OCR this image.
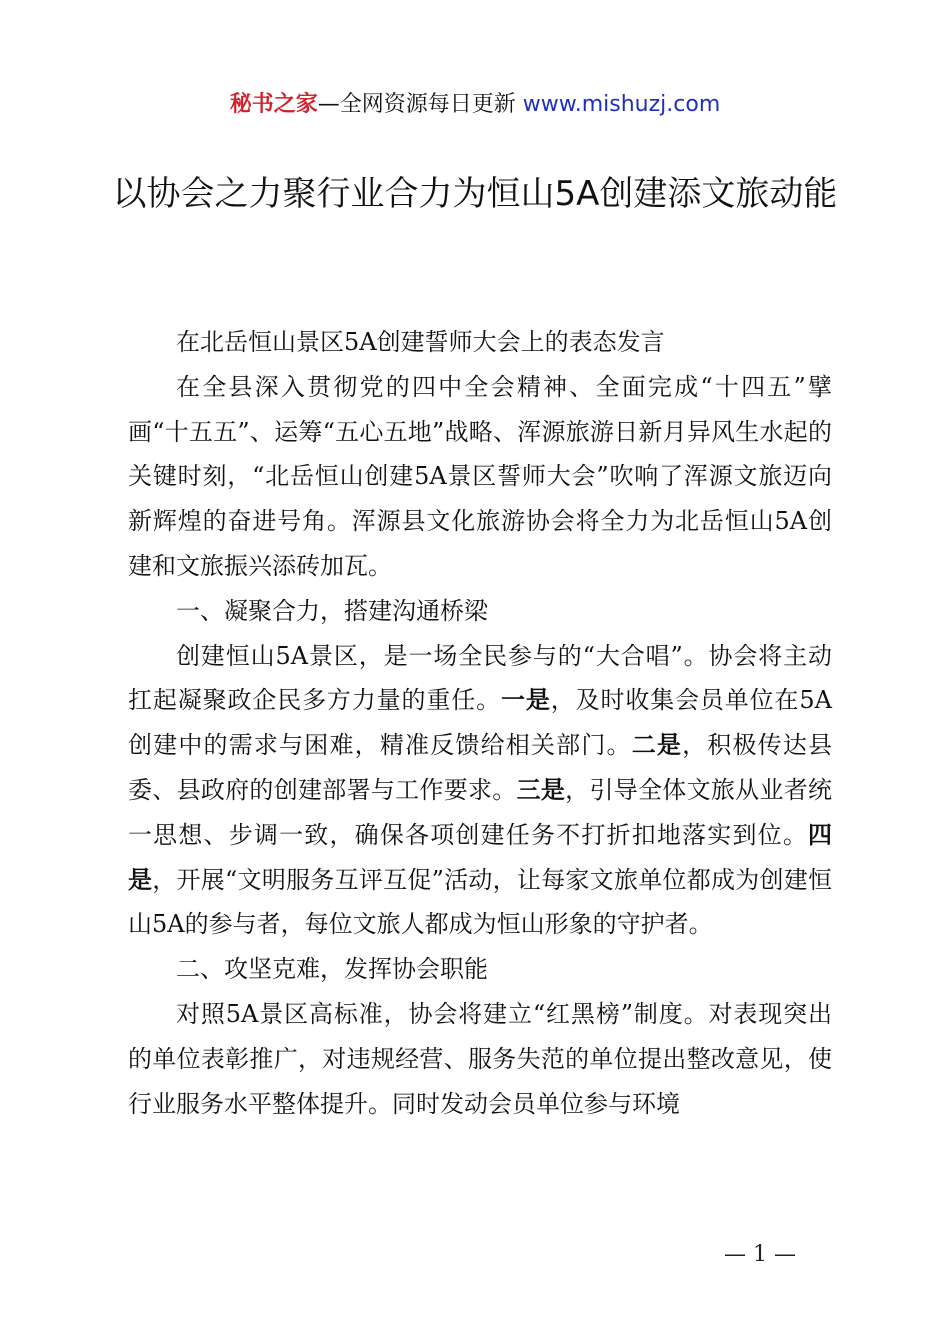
秘书之家—全网资源每日更新 www.mishuzj.com
以协会之力聚行业合力为恒山5A创建添文旅动能

在北岳恒山景区5A创建誓师大会上的表态发言

在全县深入贯彻党的四中全会精神、全面完成“十四五”擘画“十五五”、运筹“五心五地”战略、浑源旅游日新月异风生水起的关键时刻，“北岳恒山创建5A景区誓师大会”吹响了浑源文旅迈向新辉煌的奋进号角。浑源县文化旅游协会将全力为北岳恒山5A创建和文旅振兴添砖加瓦。

一、凝聚合力，搭建沟通桥梁

创建恒山5A景区，是一场全民参与的“大合唱”。协会将主动扛起凝聚政企民多方力量的重任。一是，及时收集会员单位在5A创建中的需求与困难，精准反馈给相关部门。二是，积极传达县委、县政府的创建部署与工作要求。三是，引导全体文旅从业者统一思想、步调一致，确保各项创建任务不打折扣地落实到位。四是，开展“文明服务互评互促”活动，让每家文旅单位都成为创建恒山5A的参与者，每位文旅人都成为恒山形象的守护者。

二、攻坚克难，发挥协会职能

对照5A景区高标准，协会将建立“红黑榜”制度。对表现突出的单位表彰推广，对违规经营、服务失范的单位提出整改意见，使行业服务水平整体提升。同时发动会员单位参与环境

— 1 —
